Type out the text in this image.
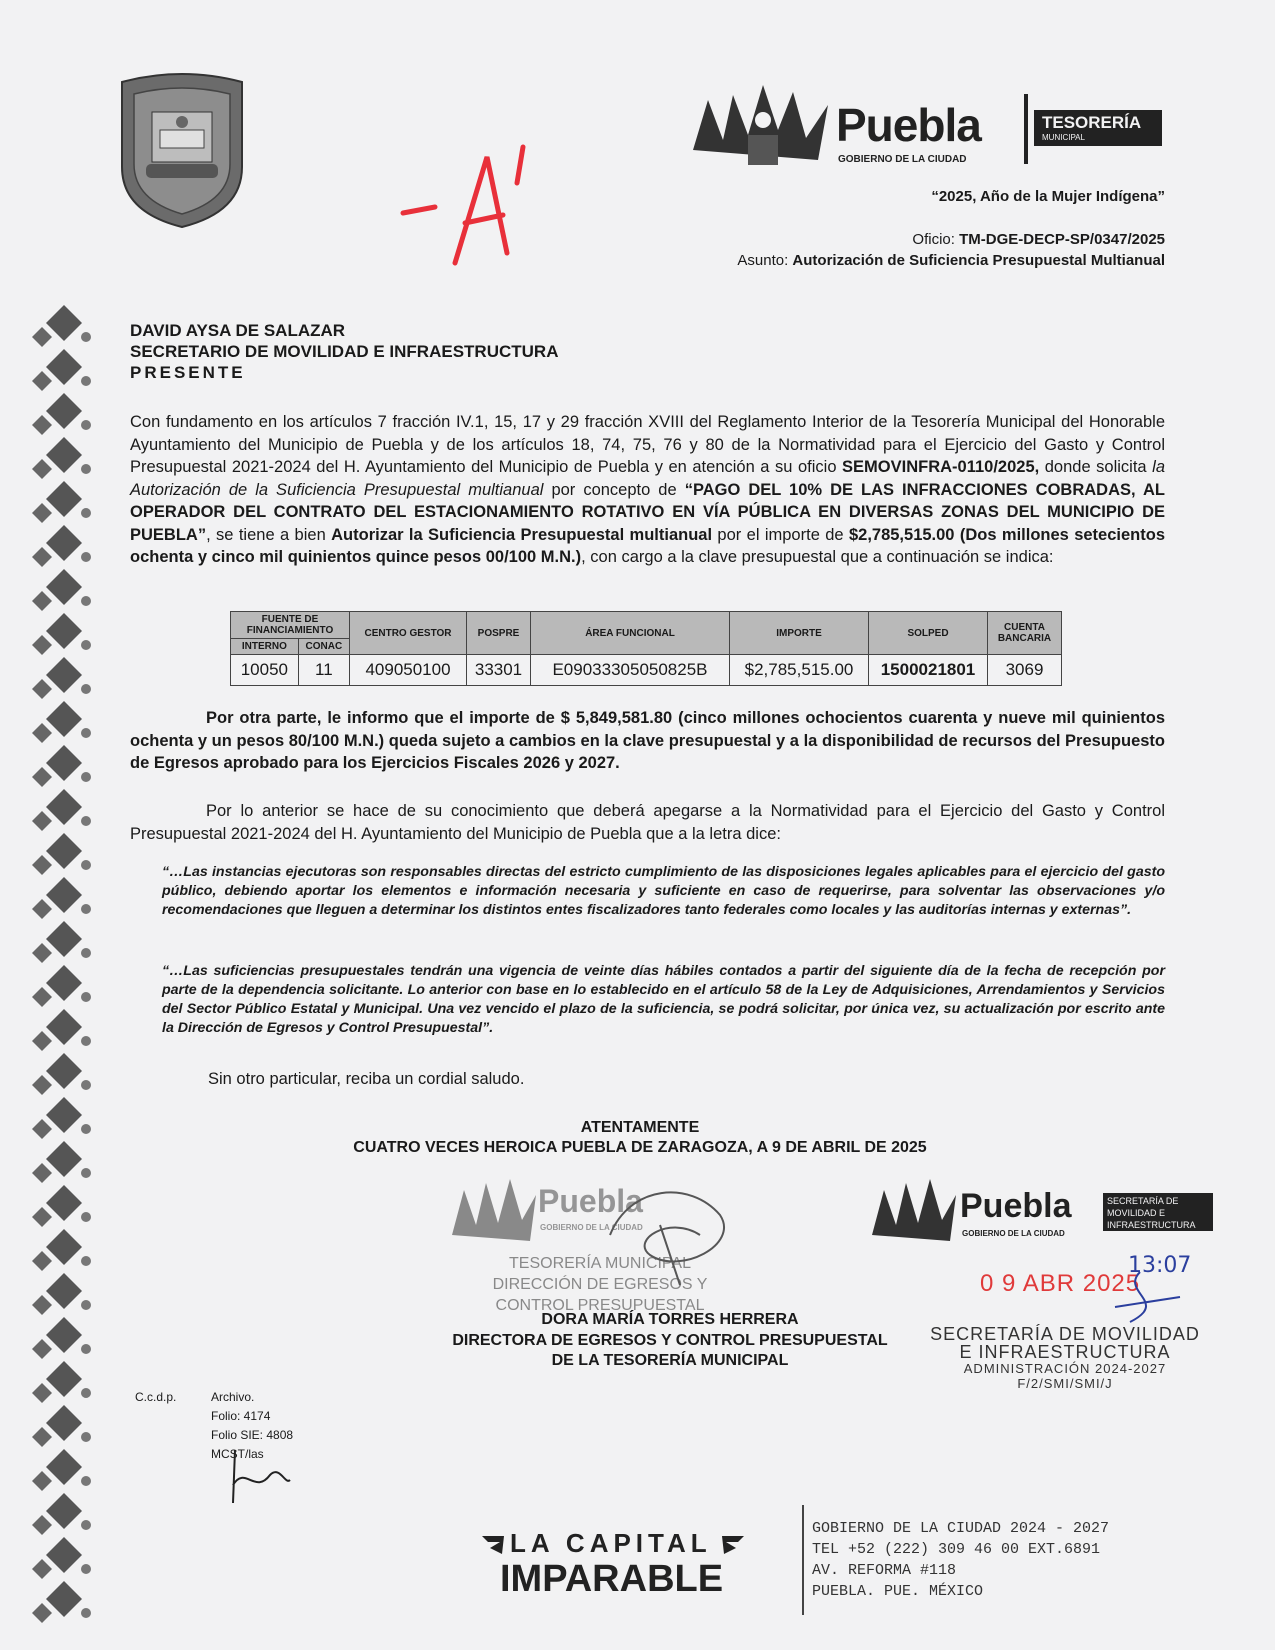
Puebla
GOBIERNO DE LA CIUDAD
TESORERÍA
MUNICIPAL
“2025, Año de la Mujer Indígena”
Oficio: TM-DGE-DECP-SP/0347/2025
Asunto: Autorización de Suficiencia Presupuestal Multianual
DAVID AYSA DE SALAZAR
SECRETARIO DE MOVILIDAD E INFRAESTRUCTURA
PRESENTE
Con fundamento en los artículos 7 fracción IV.1, 15, 17 y 29 fracción XVIII del Reglamento Interior de la Tesorería Municipal del Honorable Ayuntamiento del Municipio de Puebla y de los artículos 18, 74, 75, 76 y 80 de la Normatividad para el Ejercicio del Gasto y Control Presupuestal 2021-2024 del H. Ayuntamiento del Municipio de Puebla y en atención a su oficio SEMOVINFRA-0110/2025, donde solicita la Autorización de la Suficiencia Presupuestal multianual por concepto de “PAGO DEL 10% DE LAS INFRACCIONES COBRADAS, AL OPERADOR DEL CONTRATO DEL ESTACIONAMIENTO ROTATIVO EN VÍA PÚBLICA EN DIVERSAS ZONAS DEL MUNICIPIO DE PUEBLA”, se tiene a bien Autorizar la Suficiencia Presupuestal multianual por el importe de $2,785,515.00 (Dos millones setecientos ochenta y cinco mil quinientos quince pesos 00/100 M.N.), con cargo a la clave presupuestal que a continuación se indica:
FUENTE DE FINANCIAMIENTO		CENTRO GESTOR	POSPRE	ÁREA FUNCIONAL	IMPORTE	SOLPED	CUENTA BANCARIA
INTERNO	CONAC						
10050	11	409050100	33301	E09033305050825B	$2,785,515.00	1500021801	3069
Por otra parte, le informo que el importe de $ 5,849,581.80 (cinco millones ochocientos cuarenta y nueve mil quinientos ochenta y un pesos 80/100 M.N.) queda sujeto a cambios en la clave presupuestal y a la disponibilidad de recursos del Presupuesto de Egresos aprobado para los Ejercicios Fiscales 2026 y 2027.
Por lo anterior se hace de su conocimiento que deberá apegarse a la Normatividad para el Ejercicio del Gasto y Control Presupuestal 2021-2024 del H. Ayuntamiento del Municipio de Puebla que a la letra dice:
“…Las instancias ejecutoras son responsables directas del estricto cumplimiento de las disposiciones legales aplicables para el ejercicio del gasto público, debiendo aportar los elementos e información necesaria y suficiente en caso de requerirse, para solventar las observaciones y/o recomendaciones que lleguen a determinar los distintos entes fiscalizadores tanto federales como locales y las auditorías internas y externas”.
“…Las suficiencias presupuestales tendrán una vigencia de veinte días hábiles contados a partir del siguiente día de la fecha de recepción por parte de la dependencia solicitante. Lo anterior con base en lo establecido en el artículo 58 de la Ley de Adquisiciones, Arrendamientos y Servicios del Sector Público Estatal y Municipal. Una vez vencido el plazo de la suficiencia, se podrá solicitar, por única vez, su actualización por escrito ante la Dirección de Egresos y Control Presupuestal”.
Sin otro particular, reciba un cordial saludo.
ATENTAMENTE
CUATRO VECES HEROICA PUEBLA DE ZARAGOZA, A 9 DE ABRIL DE 2025
Puebla
GOBIERNO DE LA CIUDAD
TESORERÍA MUNICIPAL
DIRECCIÓN DE EGRESOS Y
CONTROL PRESUPUESTAL
DORA MARÍA TORRES HERRERA
DIRECTORA DE EGRESOS Y CONTROL PRESUPUESTAL
DE LA TESORERÍA MUNICIPAL
Puebla
GOBIERNO DE LA CIUDAD
SECRETARÍA DE MOVILIDAD E INFRAESTRUCTURA
0 9 ABR 2025
13:07
SECRETARÍA DE MOVILIDAD
E INFRAESTRUCTURA
ADMINISTRACIÓN 2024-2027
F/2/SMI/SMI/J
C.c.d.p.	Archivo.
Folio: 4174
Folio SIE: 4808
MCST/las
LA CAPITAL
IMPARABLE
GOBIERNO DE LA CIUDAD 2024 - 2027
TEL +52 (222) 309 46 00 EXT.6891
AV. REFORMA #118
PUEBLA. PUE. MÉXICO
